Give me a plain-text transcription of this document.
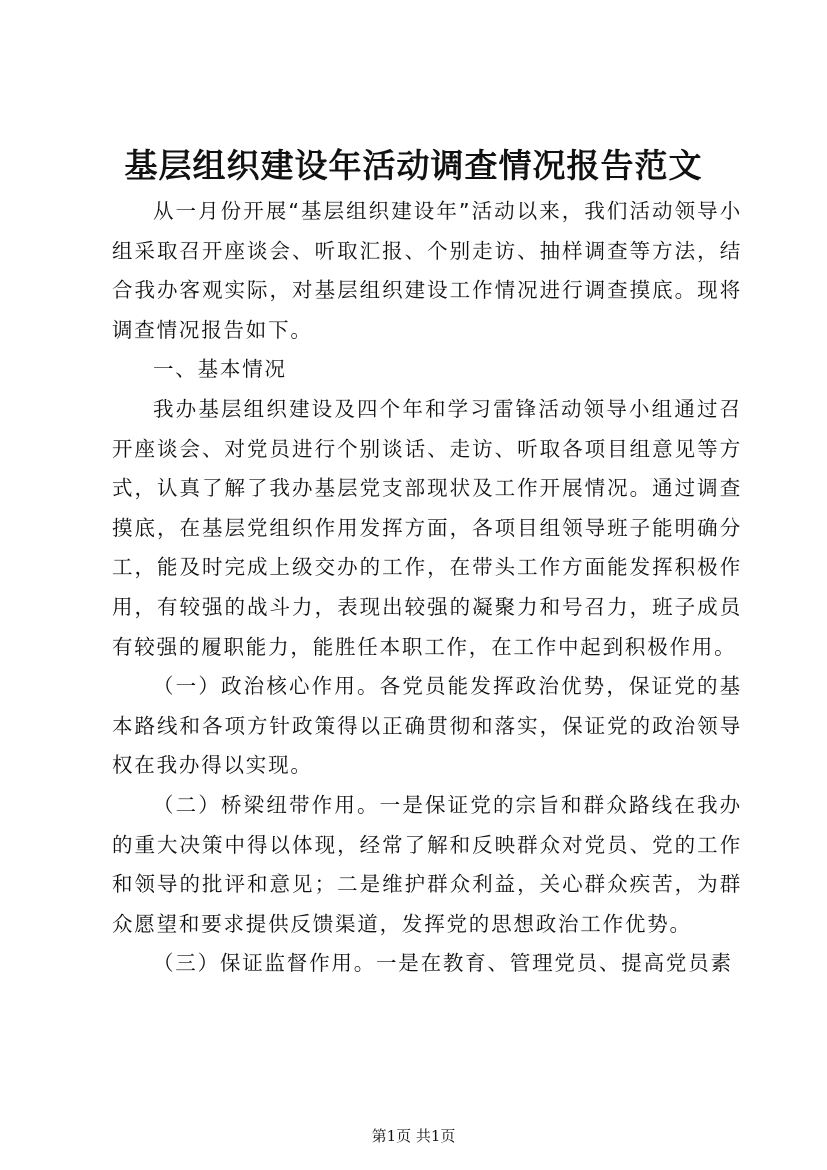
基层组织建设年活动调查情况报告范文

从一月份开展“基层组织建设年”活动以来，我们活动领导小组采取召开座谈会、听取汇报、个别走访、抽样调查等方法，结合我办客观实际，对基层组织建设工作情况进行调查摸底。现将调查情况报告如下。

一、基本情况

我办基层组织建设及四个年和学习雷锋活动领导小组通过召开座谈会、对党员进行个别谈话、走访、听取各项目组意见等方式，认真了解了我办基层党支部现状及工作开展情况。通过调查摸底，在基层党组织作用发挥方面，各项目组领导班子能明确分工，能及时完成上级交办的工作，在带头工作方面能发挥积极作用，有较强的战斗力，表现出较强的凝聚力和号召力，班子成员有较强的履职能力，能胜任本职工作，在工作中起到积极作用。

（一）政治核心作用。各党员能发挥政治优势，保证党的基本路线和各项方针政策得以正确贯彻和落实，保证党的政治领导权在我办得以实现。

（二）桥梁纽带作用。一是保证党的宗旨和群众路线在我办的重大决策中得以体现，经常了解和反映群众对党员、党的工作和领导的批评和意见；二是维护群众利益，关心群众疾苦，为群众愿望和要求提供反馈渠道，发挥党的思想政治工作优势。

（三）保证监督作用。一是在教育、管理党员、提高党员素

第1页 共1页
